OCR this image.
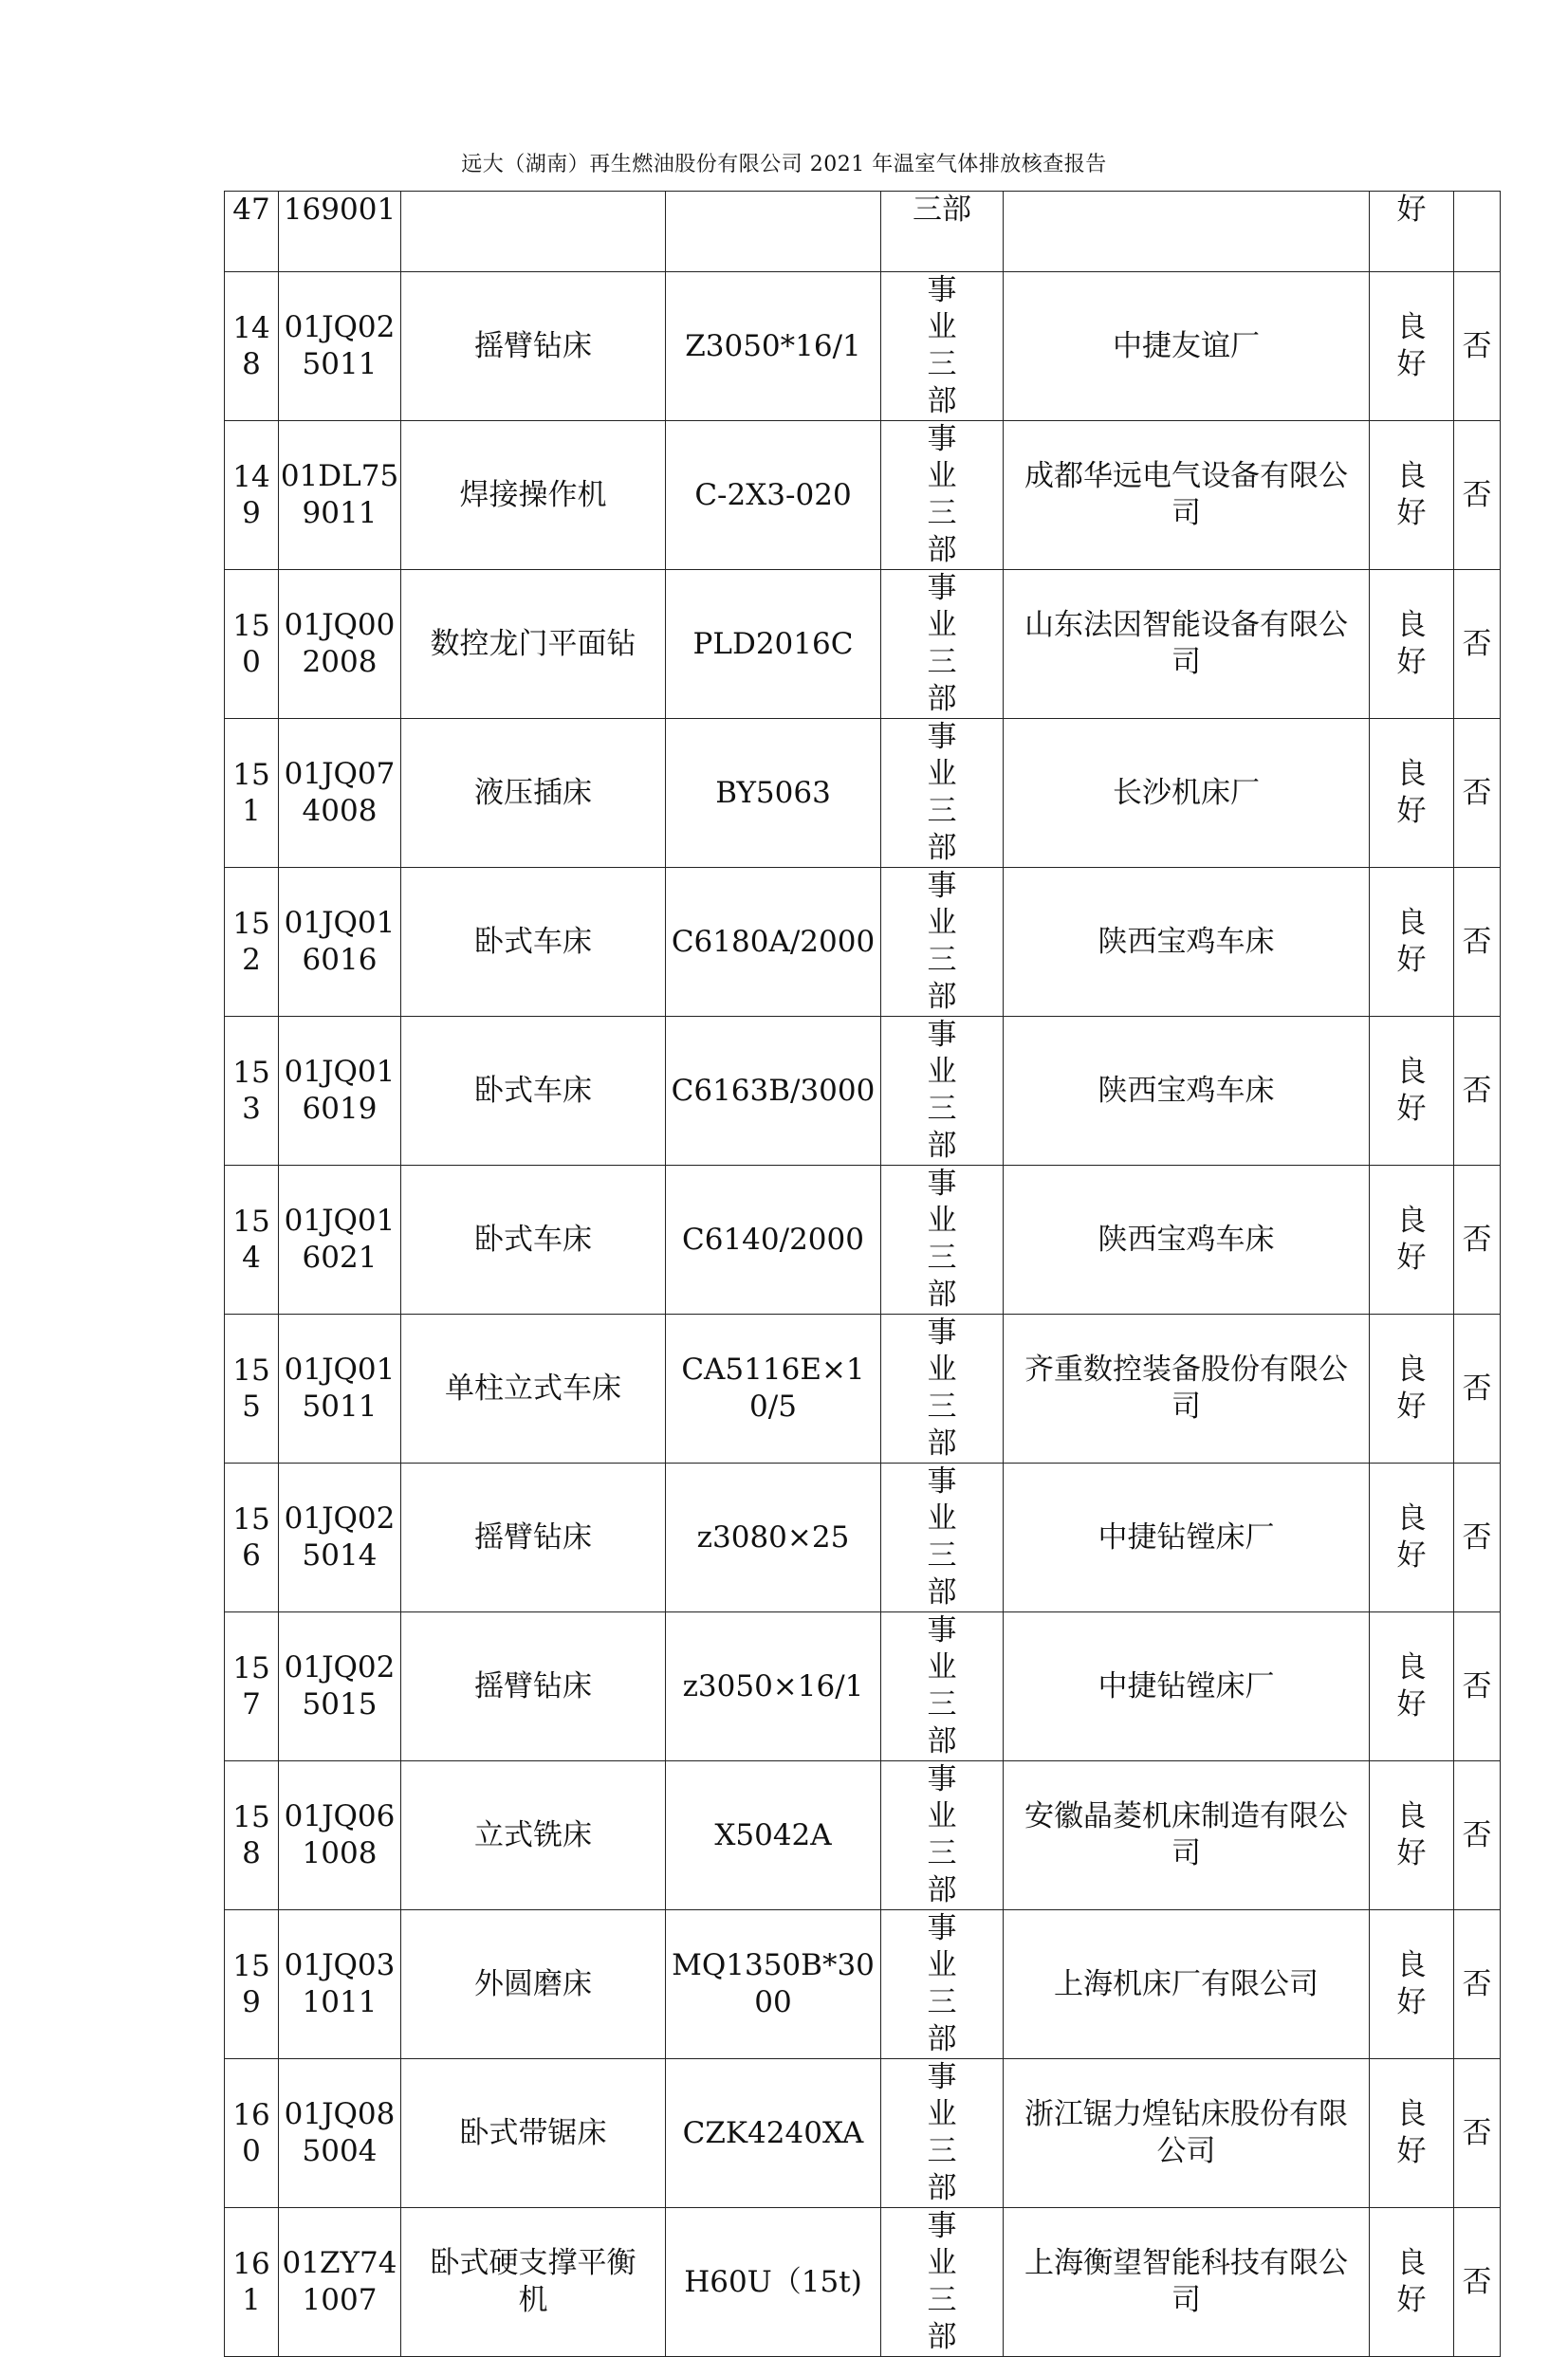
远大（湖南）再生燃油股份有限公司 2021 年温室气体排放核查报告
47	169001			三部		好	
148	01JQ025011	摇臂钻床	Z3050*16/1	事业三部	中捷友谊厂	良好	否
149	01DL759011	焊接操作机	C-2X3-020	事业三部	成都华远电气设备有限公司	良好	否
150	01JQ002008	数控龙门平面钻	PLD2016C	事业三部	山东法因智能设备有限公司	良好	否
151	01JQ074008	液压插床	BY5063	事业三部	长沙机床厂	良好	否
152	01JQ016016	卧式车床	C6180A/2000	事业三部	陕西宝鸡车床	良好	否
153	01JQ016019	卧式车床	C6163B/3000	事业三部	陕西宝鸡车床	良好	否
154	01JQ016021	卧式车床	C6140/2000	事业三部	陕西宝鸡车床	良好	否
155	01JQ015011	单柱立式车床	CA5116E×10/5	事业三部	齐重数控装备股份有限公司	良好	否
156	01JQ025014	摇臂钻床	z3080×25	事业三部	中捷钻镗床厂	良好	否
157	01JQ025015	摇臂钻床	z3050×16/1	事业三部	中捷钻镗床厂	良好	否
158	01JQ061008	立式铣床	X5042A	事业三部	安徽晶菱机床制造有限公司	良好	否
159	01JQ031011	外圆磨床	MQ1350B*3000	事业三部	上海机床厂有限公司	良好	否
160	01JQ085004	卧式带锯床	CZK4240XA	事业三部	浙江锯力煌钻床股份有限公司	良好	否
161	01ZY741007	卧式硬支撑平衡机	H60U（15t)	事业三部	上海衡望智能科技有限公司	良好	否
